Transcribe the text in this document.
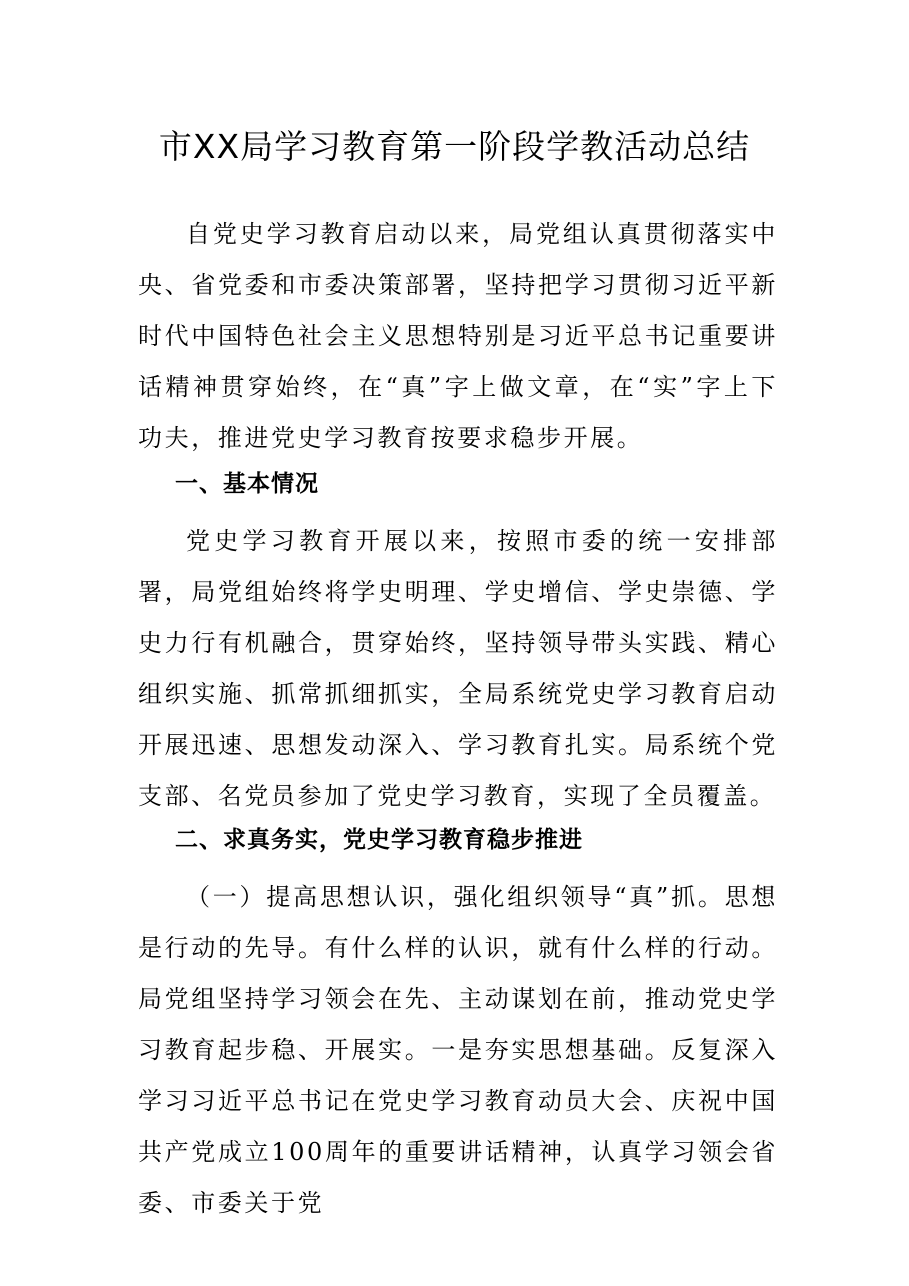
市XX局学习教育第一阶段学教活动总结

自党史学习教育启动以来，局党组认真贯彻落实中央、省党委和市委决策部署，坚持把学习贯彻习近平新时代中国特色社会主义思想特别是习近平总书记重要讲话精神贯穿始终，在“真”字上做文章，在“实”字上下功夫，推进党史学习教育按要求稳步开展。

一、基本情况

党史学习教育开展以来，按照市委的统一安排部署，局党组始终将学史明理、学史增信、学史崇德、学史力行有机融合，贯穿始终，坚持领导带头实践、精心组织实施、抓常抓细抓实，全局系统党史学习教育启动开展迅速、思想发动深入、学习教育扎实。局系统个党支部、名党员参加了党史学习教育，实现了全员覆盖。

二、求真务实，党史学习教育稳步推进

（一）提高思想认识，强化组织领导“真”抓。思想是行动的先导。有什么样的认识，就有什么样的行动。局党组坚持学习领会在先、主动谋划在前，推动党史学习教育起步稳、开展实。一是夯实思想基础。反复深入学习习近平总书记在党史学习教育动员大会、庆祝中国共产党成立100周年的重要讲话精神，认真学习领会省委、市委关于党
